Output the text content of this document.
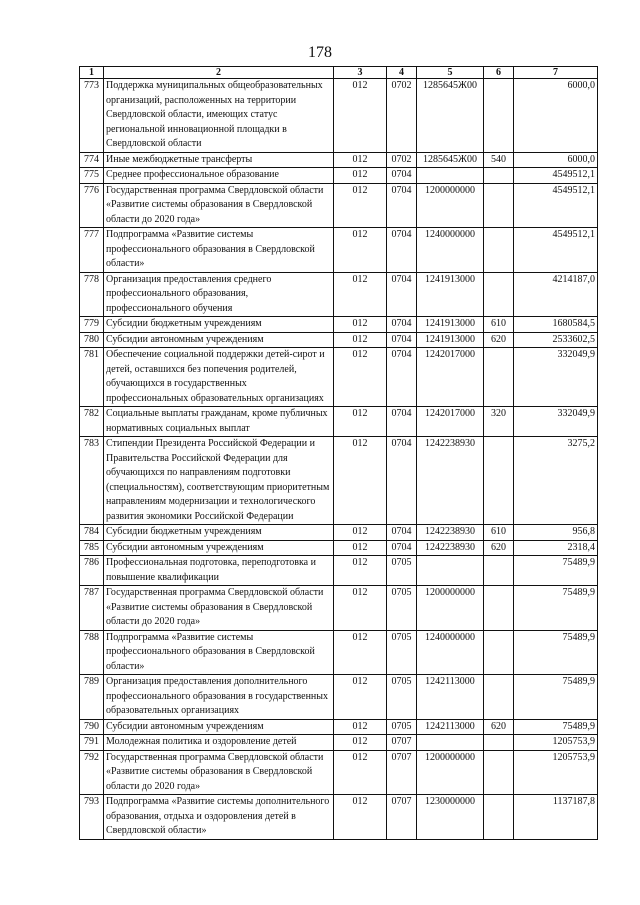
178
1	2	3	4	5	6	7
773	Поддержка муниципальных общеобразовательных организаций, расположенных на территории Свердловской области, имеющих статус региональной инновационной площадки в Свердловской области	012	0702	1285645Ж00		6000,0
774	Иные межбюджетные трансферты	012	0702	1285645Ж00	540	6000,0
775	Среднее профессиональное образование	012	0704			4549512,1
776	Государственная программа Свердловской области «Развитие системы образования в Свердловской области до 2020 года»	012	0704	1200000000		4549512,1
777	Подпрограмма «Развитие системы профессионального образования в Свердловской области»	012	0704	1240000000		4549512,1
778	Организация предоставления среднего профессионального образования, профессионального обучения	012	0704	1241913000		4214187,0
779	Субсидии бюджетным учреждениям	012	0704	1241913000	610	1680584,5
780	Субсидии автономным учреждениям	012	0704	1241913000	620	2533602,5
781	Обеспечение социальной поддержки детей-сирот и детей, оставшихся без попечения родителей, обучающихся в государственных профессиональных образовательных организациях	012	0704	1242017000		332049,9
782	Социальные выплаты гражданам, кроме публичных нормативных социальных выплат	012	0704	1242017000	320	332049,9
783	Стипендии Президента Российской Федерации и Правительства Российской Федерации для обучающихся по направлениям подготовки (специальностям), соответствующим приоритетным направлениям модернизации и технологического развития экономики Российской Федерации	012	0704	1242238930		3275,2
784	Субсидии бюджетным учреждениям	012	0704	1242238930	610	956,8
785	Субсидии автономным учреждениям	012	0704	1242238930	620	2318,4
786	Профессиональная подготовка, переподготовка и повышение квалификации	012	0705			75489,9
787	Государственная программа Свердловской области «Развитие системы образования в Свердловской области до 2020 года»	012	0705	1200000000		75489,9
788	Подпрограмма «Развитие системы профессионального образования в Свердловской области»	012	0705	1240000000		75489,9
789	Организация предоставления дополнительного профессионального образования в государственных образовательных организациях	012	0705	1242113000		75489,9
790	Субсидии автономным учреждениям	012	0705	1242113000	620	75489,9
791	Молодежная политика и оздоровление детей	012	0707			1205753,9
792	Государственная программа Свердловской области «Развитие системы образования в Свердловской области до 2020 года»	012	0707	1200000000		1205753,9
793	Подпрограмма «Развитие системы дополнительного образования, отдыха и оздоровления детей в Свердловской области»	012	0707	1230000000		1137187,8
